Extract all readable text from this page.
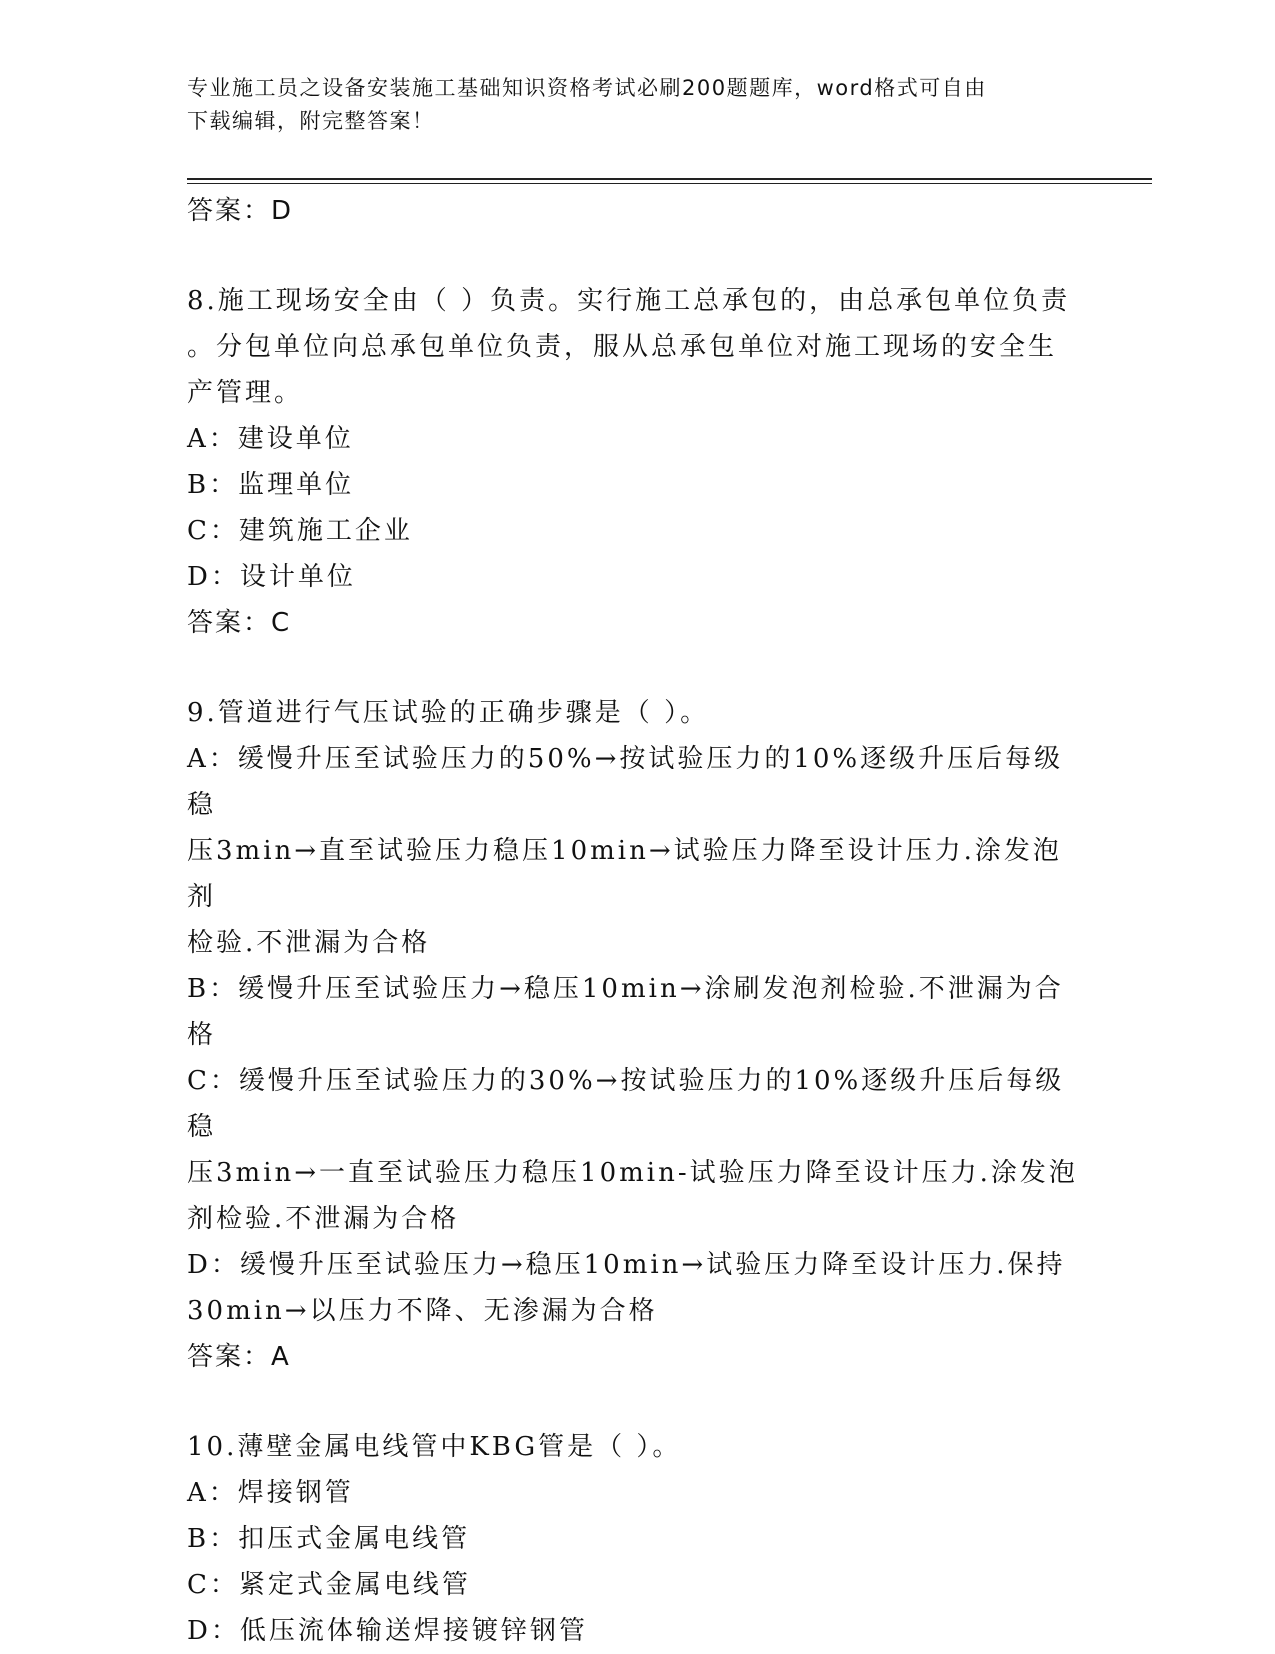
专业施工员之设备安装施工基础知识资格考试必刷200题题库，word格式可自由
下载编辑，附完整答案！
答案：D
8.施工现场安全由（ ）负责。实行施工总承包的，由总承包单位负责
。分包单位向总承包单位负责，服从总承包单位对施工现场的安全生
产管理。
A：建设单位
B：监理单位
C：建筑施工企业
D：设计单位
答案：C
9.管道进行气压试验的正确步骤是（ ）。
A：缓慢升压至试验压力的50%→按试验压力的10%逐级升压后每级稳
压3min→直至试验压力稳压10min→试验压力降至设计压力.涂发泡剂
检验.不泄漏为合格
B：缓慢升压至试验压力→稳压10min→涂刷发泡剂检验.不泄漏为合格
C：缓慢升压至试验压力的30%→按试验压力的10%逐级升压后每级稳
压3min→一直至试验压力稳压10min-试验压力降至设计压力.涂发泡
剂检验.不泄漏为合格
D：缓慢升压至试验压力→稳压10min→试验压力降至设计压力.保持
30min→以压力不降、无渗漏为合格
答案：A
10.薄壁金属电线管中KBG管是（ ）。
A：焊接钢管
B：扣压式金属电线管
C：紧定式金属电线管
D：低压流体输送焊接镀锌钢管
